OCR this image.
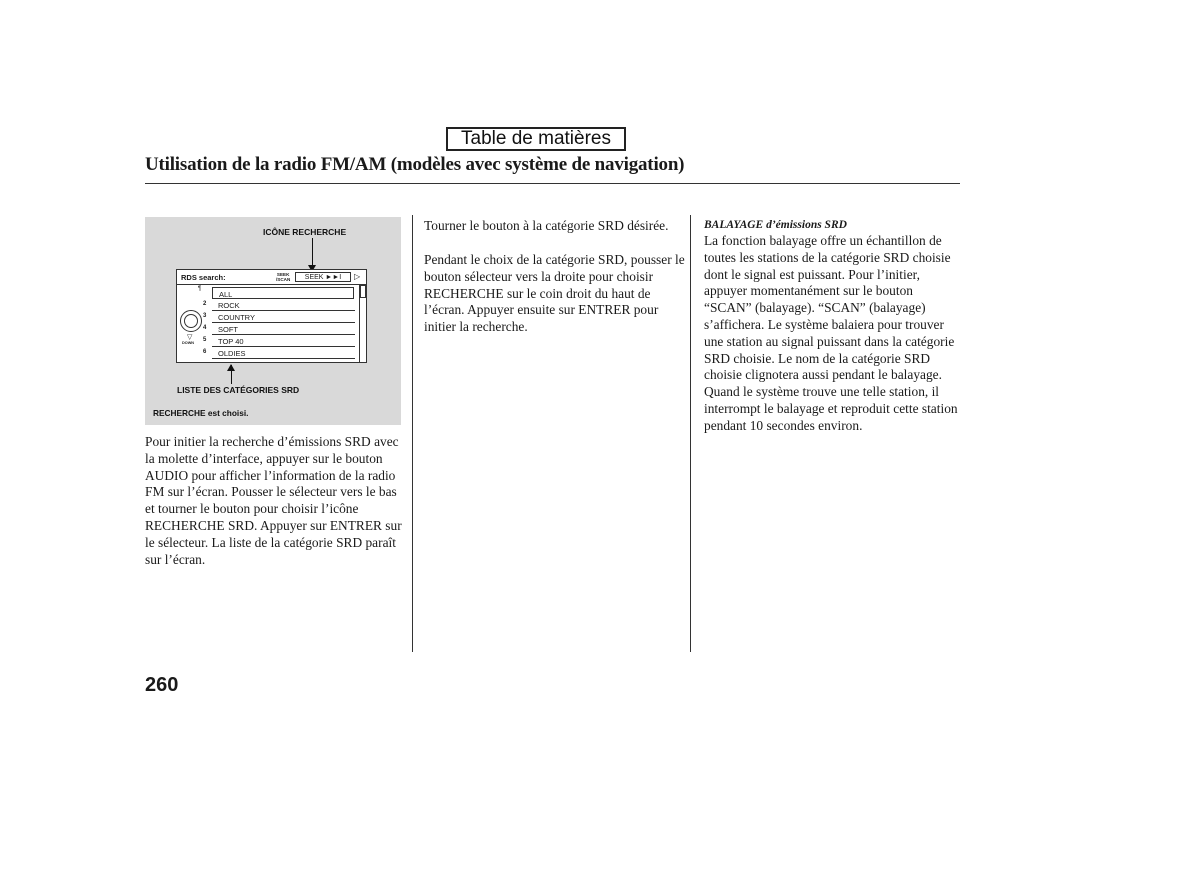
Table de matières
Utilisation de la radio FM/AM (modèles avec système de navigation)

ICÔNE RECHERCHE

RDS search:	SEEK
/SCAN	SEEK ►►I	▷
¶
▽
DOWN
ALL
2 ROCK
3 COUNTRY
4 SOFT
5 TOP 40
6 OLDIES

LISTE DES CATÉGORIES SRD

RECHERCHE est choisi.

Pour initier la recherche d’émissions SRD avec la molette d’interface, appuyer sur le bouton AUDIO pour afficher l’information de la radio FM sur l’écran. Pousser le sélecteur vers le bas et tourner le bouton pour choisir l’icône RECHERCHE SRD. Appuyer sur ENTRER sur le sélecteur. La liste de la catégorie SRD paraît sur l’écran.

Tourner le bouton à la catégorie SRD désirée.

Pendant le choix de la catégorie SRD, pousser le bouton sélecteur vers la droite pour choisir RECHERCHE sur le coin droit du haut de l’écran. Appuyer ensuite sur ENTRER pour initier la recherche.

BALAYAGE d’émissions SRD

La fonction balayage offre un échantillon de toutes les stations de la catégorie SRD choisie dont le signal est puissant. Pour l’initier, appuyer momentanément sur le bouton “SCAN” (balayage). “SCAN” (balayage) s’affichera. Le système balaiera pour trouver une station au signal puissant dans la catégorie SRD choisie. Le nom de la catégorie SRD choisie clignotera aussi pendant le balayage. Quand le système trouve une telle station, il interrompt le balayage et reproduit cette station pendant 10 secondes environ.

260
